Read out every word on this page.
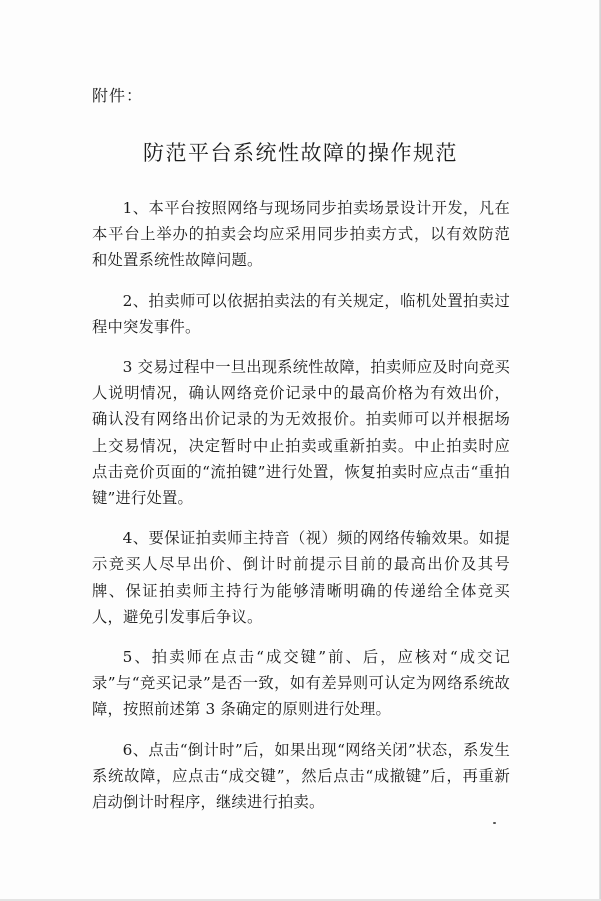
附件：
防范平台系统性故障的操作规范

1、本平台按照网络与现场同步拍卖场景设计开发，凡在本平台上举办的拍卖会均应采用同步拍卖方式，以有效防范和处置系统性故障问题。

2、拍卖师可以依据拍卖法的有关规定，临机处置拍卖过程中突发事件。

3 交易过程中一旦出现系统性故障，拍卖师应及时向竞买人说明情况，确认网络竞价记录中的最高价格为有效出价，确认没有网络出价记录的为无效报价。拍卖师可以并根据场上交易情况，决定暂时中止拍卖或重新拍卖。中止拍卖时应点击竞价页面的“流拍键”进行处置，恢复拍卖时应点击“重拍键”进行处置。

4、要保证拍卖师主持音（视）频的网络传输效果。如提示竞买人尽早出价、倒计时前提示目前的最高出价及其号牌、保证拍卖师主持行为能够清晰明确的传递给全体竞买人，避免引发事后争议。

5、拍卖师在点击“成交键”前、后，应核对“成交记录”与“竞买记录”是否一致，如有差异则可认定为网络系统故障，按照前述第 3 条确定的原则进行处理。

6、点击“倒计时”后，如果出现“网络关闭”状态，系发生系统故障，应点击“成交键”，然后点击“成撤键”后，再重新启动倒计时程序，继续进行拍卖。
